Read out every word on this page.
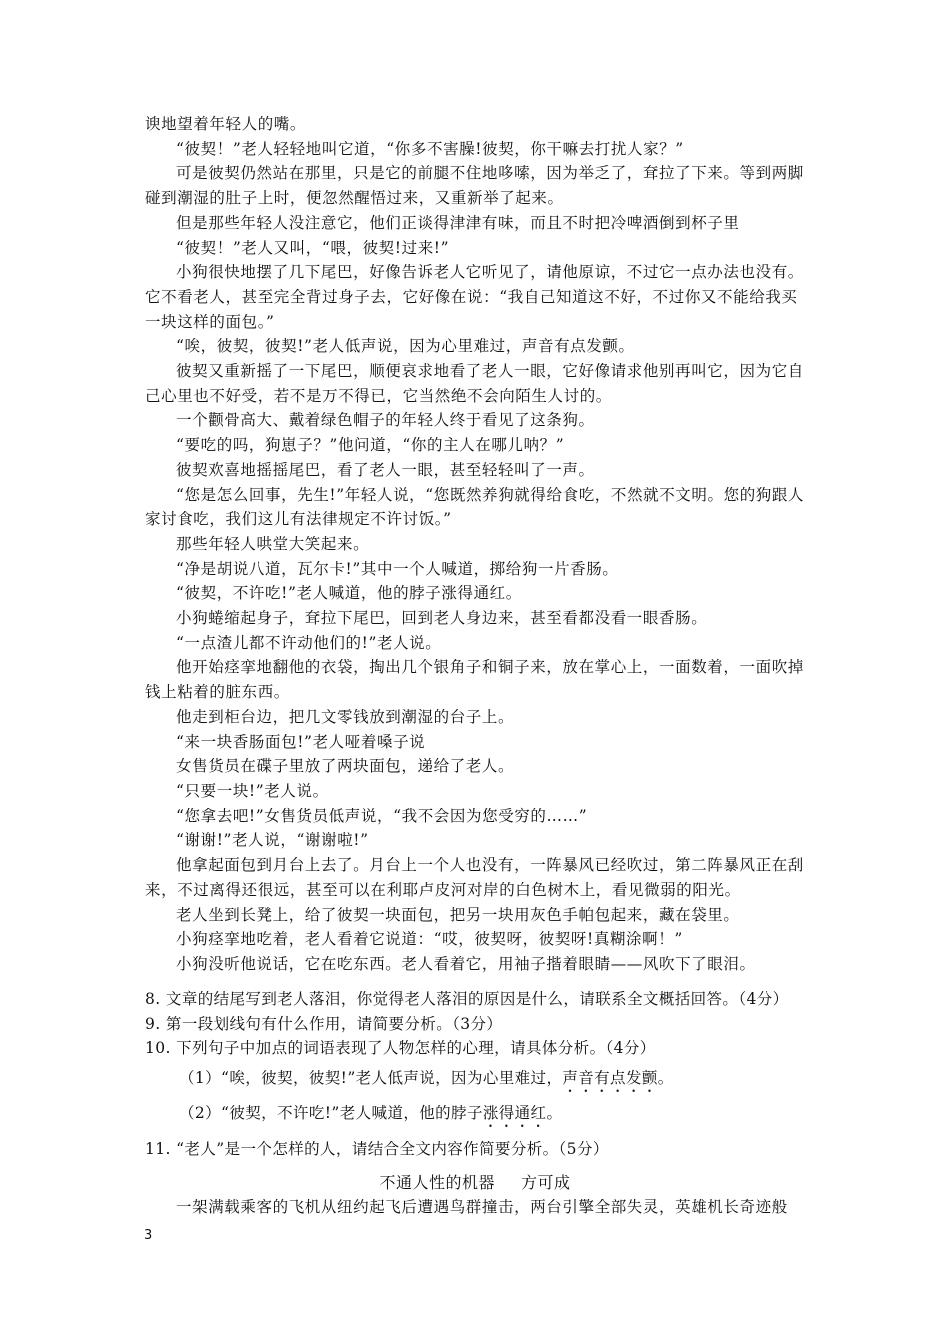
谀地望着年轻人的嘴。

“彼契！”老人轻轻地叫它道，“你多不害臊!彼契，你干嘛去打扰人家？”

可是彼契仍然站在那里，只是它的前腿不住地哆嗦，因为举乏了，耷拉了下来。等到两脚碰到潮湿的肚子上时，便忽然醒悟过来，又重新举了起来。

但是那些年轻人没注意它，他们正谈得津津有味，而且不时把冷啤酒倒到杯子里

“彼契！”老人又叫，“喂，彼契!过来!”

小狗很快地摆了几下尾巴，好像告诉老人它听见了，请他原谅，不过它一点办法也没有。它不看老人，甚至完全背过身子去，它好像在说：“我自己知道这不好，不过你又不能给我买一块这样的面包。”

“唉，彼契，彼契!”老人低声说，因为心里难过，声音有点发颤。

彼契又重新摇了一下尾巴，顺便哀求地看了老人一眼，它好像请求他别再叫它，因为它自己心里也不好受，若不是万不得已，它当然绝不会向陌生人讨的。

一个颧骨高大、戴着绿色帽子的年轻人终于看见了这条狗。

“要吃的吗，狗崽子？”他问道，“你的主人在哪儿呐？”

彼契欢喜地摇摇尾巴，看了老人一眼，甚至轻轻叫了一声。

“您是怎么回事，先生!”年轻人说，“您既然养狗就得给食吃，不然就不文明。您的狗跟人家讨食吃，我们这儿有法律规定不许讨饭。”

那些年轻人哄堂大笑起来。

“净是胡说八道，瓦尔卡!”其中一个人喊道，掷给狗一片香肠。

“彼契，不许吃!”老人喊道，他的脖子涨得通红。

小狗蜷缩起身子，耷拉下尾巴，回到老人身边来，甚至看都没看一眼香肠。

“一点渣儿都不许动他们的!”老人说。

他开始痉挛地翻他的衣袋，掏出几个银角子和铜子来，放在掌心上，一面数着，一面吹掉钱上粘着的脏东西。

他走到柜台边，把几文零钱放到潮湿的台子上。

“来一块香肠面包!”老人哑着嗓子说

女售货员在碟子里放了两块面包，递给了老人。

“只要一块!”老人说。

“您拿去吧!”女售货员低声说，“我不会因为您受穷的……”

“谢谢!”老人说，“谢谢啦!”

他拿起面包到月台上去了。月台上一个人也没有，一阵暴风已经吹过，第二阵暴风正在刮来，不过离得还很远，甚至可以在利耶卢皮河对岸的白色树木上，看见微弱的阳光。

老人坐到长凳上，给了彼契一块面包，把另一块用灰色手帕包起来，藏在袋里。

小狗痉挛地吃着，老人看着它说道：“哎，彼契呀，彼契呀!真糊涂啊！”

小狗没听他说话，它在吃东西。老人看着它，用袖子揩着眼睛——风吹下了眼泪。

8. 文章的结尾写到老人落泪，你觉得老人落泪的原因是什么，请联系全文概括回答。（4分）

9. 第一段划线句有什么作用，请简要分析。（3分）

10. 下列句子中加点的词语表现了人物怎样的心理，请具体分析。（4分）

（1）“唉，彼契，彼契!”老人低声说，因为心里难过，声音有点发颤。

（2）“彼契，不许吃!”老人喊道，他的脖子涨得通红。

11. “老人”是一个怎样的人，请结合全文内容作简要分析。（5分）

不通人性的机器 方可成
一架满载乘客的飞机从纽约起飞后遭遇鸟群撞击，两台引擎全部失灵，英雄机长奇迹般
3
